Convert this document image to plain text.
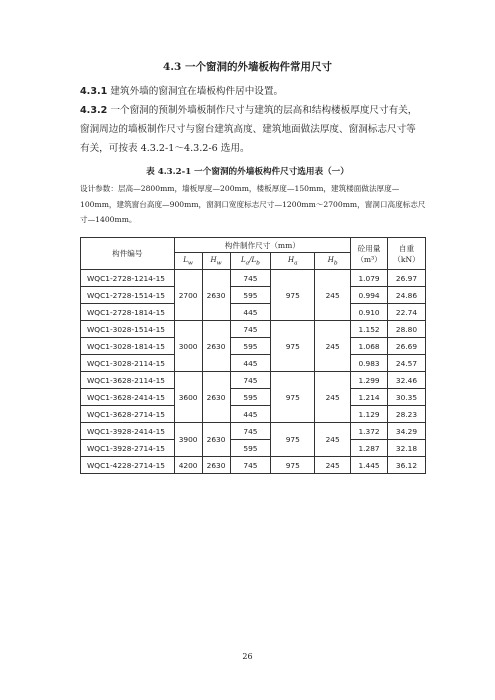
4.3 一个窗洞的外墙板构件常用尺寸
4.3.1 建筑外墙的窗洞宜在墙板构件居中设置。
4.3.2 一个窗洞的预制外墙板制作尺寸与建筑的层高和结构楼板厚度尺寸有关，窗洞周边的墙板制作尺寸与窗台建筑高度、建筑地面做法厚度、窗洞标志尺寸等有关，可按表 4.3.2-1～4.3.2-6 选用。
表 4.3.2-1 一个窗洞的外墙板构件尺寸选用表（一）
设计参数：层高—2800mm，墙板厚度—200mm，楼板厚度—150mm，建筑楼面做法厚度—100mm，建筑窗台高度—900mm，窗洞口宽度标志尺寸—1200mm～2700mm，窗洞口高度标志尺寸—1400mm。
构件编号	构件制作尺寸（mm）					砼用量
（m³）	自重
（kN）
	$L_w$	$H_w$	$L_a/L_b$	$H_a$	$H_b$
WQC1-2728-1214-15	2700	2630	745	975	245	1.079	26.97
WQC1-2728-1514-15			595			0.994	24.86
WQC1-2728-1814-15			445			0.910	22.74
WQC1-3028-1514-15	3000	2630	745	975	245	1.152	28.80
WQC1-3028-1814-15			595			1.068	26.69
WQC1-3028-2114-15			445			0.983	24.57
WQC1-3628-2114-15	3600	2630	745	975	245	1.299	32.46
WQC1-3628-2414-15			595			1.214	30.35
WQC1-3628-2714-15			445			1.129	28.23
WQC1-3928-2414-15	3900	2630	745	975	245	1.372	34.29
WQC1-3928-2714-15			595			1.287	32.18
WQC1-4228-2714-15	4200	2630	745	975	245	1.445	36.12
26
